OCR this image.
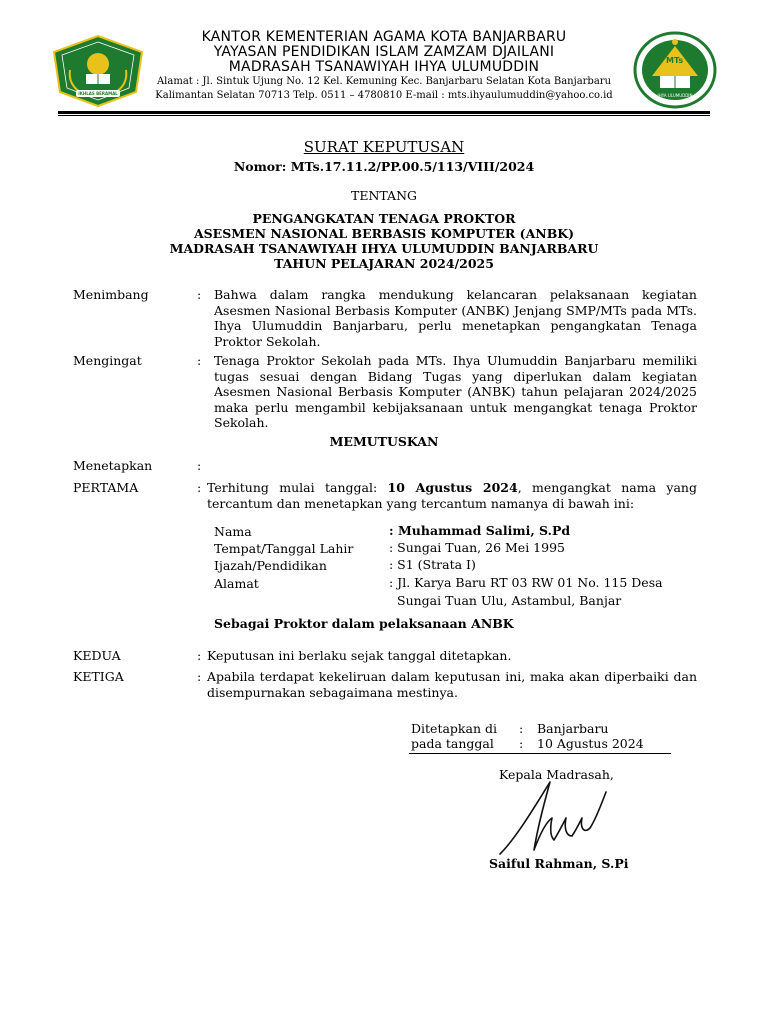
IKHLAS BERAMAL
MTs
IHYA ULUMUDDIN
KANTOR KEMENTERIAN AGAMA KOTA BANJARBARU
YAYASAN PENDIDIKAN ISLAM ZAMZAM DJAILANI
MADRASAH TSANAWIYAH IHYA ULUMUDDIN
Alamat : Jl. Sintuk Ujung No. 12 Kel. Kemuning Kec. Banjarbaru Selatan Kota Banjarbaru
Kalimantan Selatan 70713 Telp. 0511 – 4780810 E-mail : mts.ihyaulumuddin@yahoo.co.id
SURAT KEPUTUSAN
Nomor: MTs.17.11.2/PP.00.5/113/VIII/2024
TENTANG
PENGANGKATAN TENAGA PROKTOR
ASESMEN NASIONAL BERBASIS KOMPUTER (ANBK)
MADRASAH TSANAWIYAH IHYA ULUMUDDIN BANJARBARU
TAHUN PELAJARAN 2024/2025
Menimbang	: Bahwa dalam rangka mendukung kelancaran pelaksanaan kegiatan Asesmen Nasional Berbasis Komputer (ANBK) Jenjang SMP/MTs pada MTs. Ihya Ulumuddin Banjarbaru, perlu menetapkan pengangkatan Tenaga Proktor Sekolah.
Mengingat	: Tenaga Proktor Sekolah pada MTs. Ihya Ulumuddin Banjarbaru memiliki tugas sesuai dengan Bidang Tugas yang diperlukan dalam kegiatan Asesmen Nasional Berbasis Komputer (ANBK) tahun pelajaran 2024/2025 maka perlu mengambil kebijaksanaan untuk mengangkat tenaga Proktor Sekolah.
MEMUTUSKAN
Menetapkan	:
PERTAMA	: Terhitung mulai tanggal: 10 Agustus 2024, mengangkat nama yang tercantum dan menetapkan yang tercantum namanya di bawah ini:
Nama	: Muhammad Salimi, S.Pd
Tempat/Tanggal Lahir	: Sungai Tuan, 26 Mei 1995
Ijazah/Pendidikan	: S1 (Strata I)
Alamat	: Jl. Karya Baru RT 03 RW 01 No. 115 Desa
Sungai Tuan Ulu, Astambul, Banjar
Sebagai Proktor dalam pelaksanaan ANBK
KEDUA	: Keputusan ini berlaku sejak tanggal ditetapkan.
KETIGA	: Apabila terdapat kekeliruan dalam keputusan ini, maka akan diperbaiki dan disempurnakan sebagaimana mestinya.
Ditetapkan di : Banjarbaru
pada tanggal : 10 Agustus 2024
Kepala Madrasah,
Saiful Rahman, S.Pi
